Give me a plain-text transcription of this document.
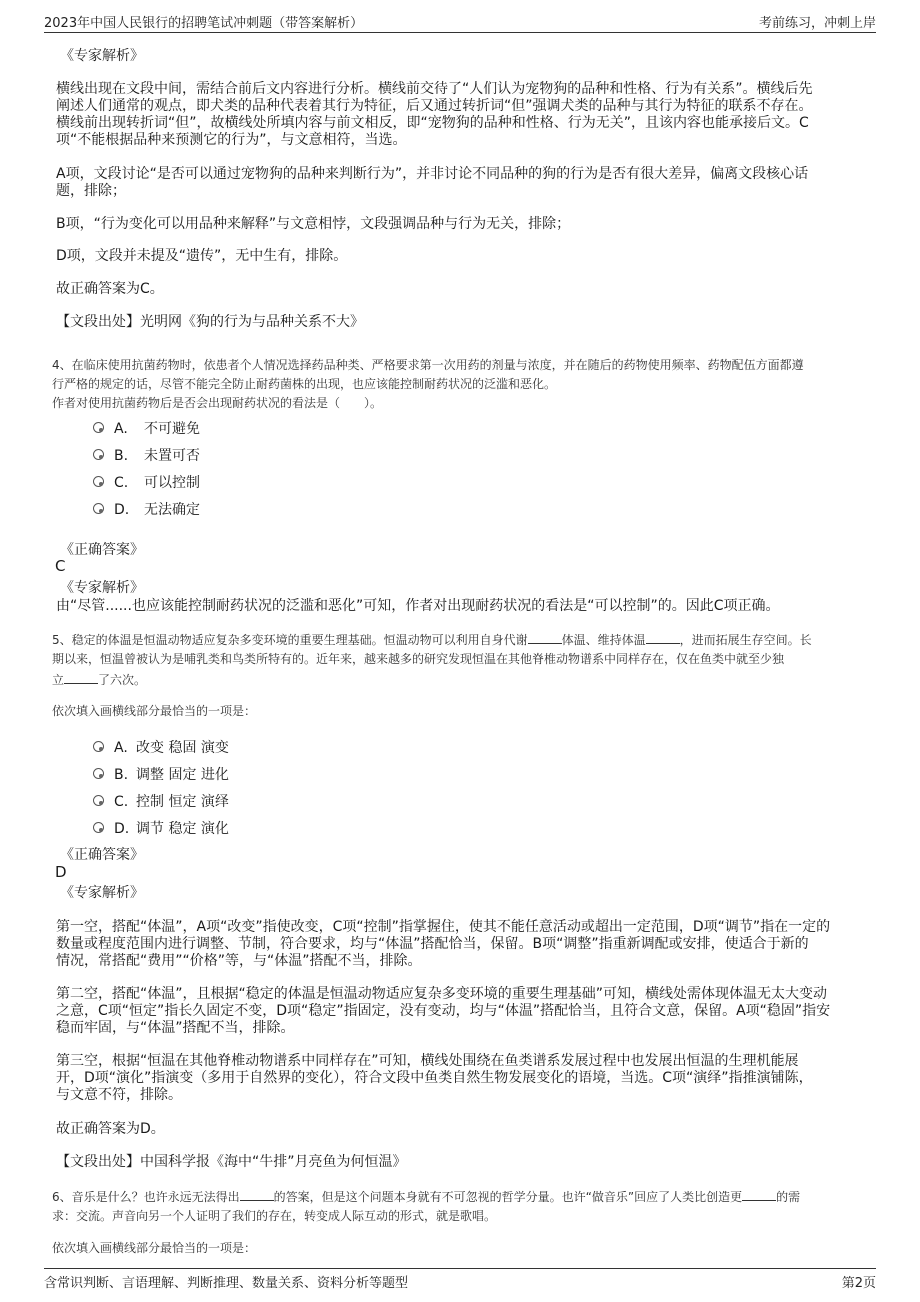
2023年中国人民银行的招聘笔试冲刺题（带答案解析）	考前练习，冲刺上岸
《专家解析》
横线出现在文段中间，需结合前后文内容进行分析。横线前交待了“人们认为宠物狗的品种和性格、行为有关系”。横线后先
阐述人们通常的观点，即犬类的品种代表着其行为特征，后又通过转折词“但”强调犬类的品种与其行为特征的联系不存在。
横线前出现转折词“但”，故横线处所填内容与前文相反，即“宠物狗的品种和性格、行为无关”，且该内容也能承接后文。C
项“不能根据品种来预测它的行为”，与文意相符，当选。
A项，文段讨论“是否可以通过宠物狗的品种来判断行为”，并非讨论不同品种的狗的行为是否有很大差异，偏离文段核心话
题，排除；
B项，“行为变化可以用品种来解释”与文意相悖，文段强调品种与行为无关，排除；
D项，文段并未提及“遗传”，无中生有，排除。
故正确答案为C。
【文段出处】光明网《狗的行为与品种关系不大》
4、在临床使用抗菌药物时，依患者个人情况选择药品种类、严格要求第一次用药的剂量与浓度，并在随后的药物使用频率、药物配伍方面都遵
行严格的规定的话，尽管不能完全防止耐药菌株的出现，也应该能控制耐药状况的泛滥和恶化。
作者对使用抗菌药物后是否会出现耐药状况的看法是（　　）。
A. 不可避免
B. 未置可否
C. 可以控制
D. 无法确定
《正确答案》
C
《专家解析》
由“尽管......也应该能控制耐药状况的泛滥和恶化”可知，作者对出现耐药状况的看法是“可以控制”的。因此C项正确。
5、稳定的体温是恒温动物适应复杂多变环境的重要生理基础。恒温动物可以利用自身代谢	体温、维持体温	，进而拓展生存空间。长
期以来，恒温曾被认为是哺乳类和鸟类所特有的。近年来，越来越多的研究发现恒温在其他脊椎动物谱系中同样存在，仅在鱼类中就至少独
立	了六次。
依次填入画横线部分最恰当的一项是：
A. 改变 稳固 演变
B. 调整 固定 进化
C. 控制 恒定 演绎
D. 调节 稳定 演化
《正确答案》
D
《专家解析》
第一空，搭配“体温”，A项“改变”指使改变，C项“控制”指掌握住，使其不能任意活动或超出一定范围，D项“调节”指在一定的
数量或程度范围内进行调整、节制，符合要求，均与“体温”搭配恰当，保留。B项“调整”指重新调配或安排，使适合于新的
情况，常搭配“费用”“价格”等，与“体温”搭配不当，排除。
第二空，搭配“体温”，且根据“稳定的体温是恒温动物适应复杂多变环境的重要生理基础”可知，横线处需体现体温无太大变动
之意，C项“恒定”指长久固定不变，D项“稳定”指固定，没有变动，均与“体温”搭配恰当，且符合文意，保留。A项“稳固”指安
稳而牢固，与“体温”搭配不当，排除。
第三空，根据“恒温在其他脊椎动物谱系中同样存在”可知，横线处围绕在鱼类谱系发展过程中也发展出恒温的生理机能展
开，D项“演化”指演变（多用于自然界的变化），符合文段中鱼类自然生物发展变化的语境，当选。C项“演绎”指推演铺陈，
与文意不符，排除。
故正确答案为D。
【文段出处】中国科学报《海中“牛排”月亮鱼为何恒温》
6、音乐是什么？也许永远无法得出	的答案，但是这个问题本身就有不可忽视的哲学分量。也许“做音乐”回应了人类比创造更	的需
求：交流。声音向另一个人证明了我们的存在，转变成人际互动的形式，就是歌唱。
依次填入画横线部分最恰当的一项是：
含常识判断、言语理解、判断推理、数量关系、资料分析等题型	第2页
